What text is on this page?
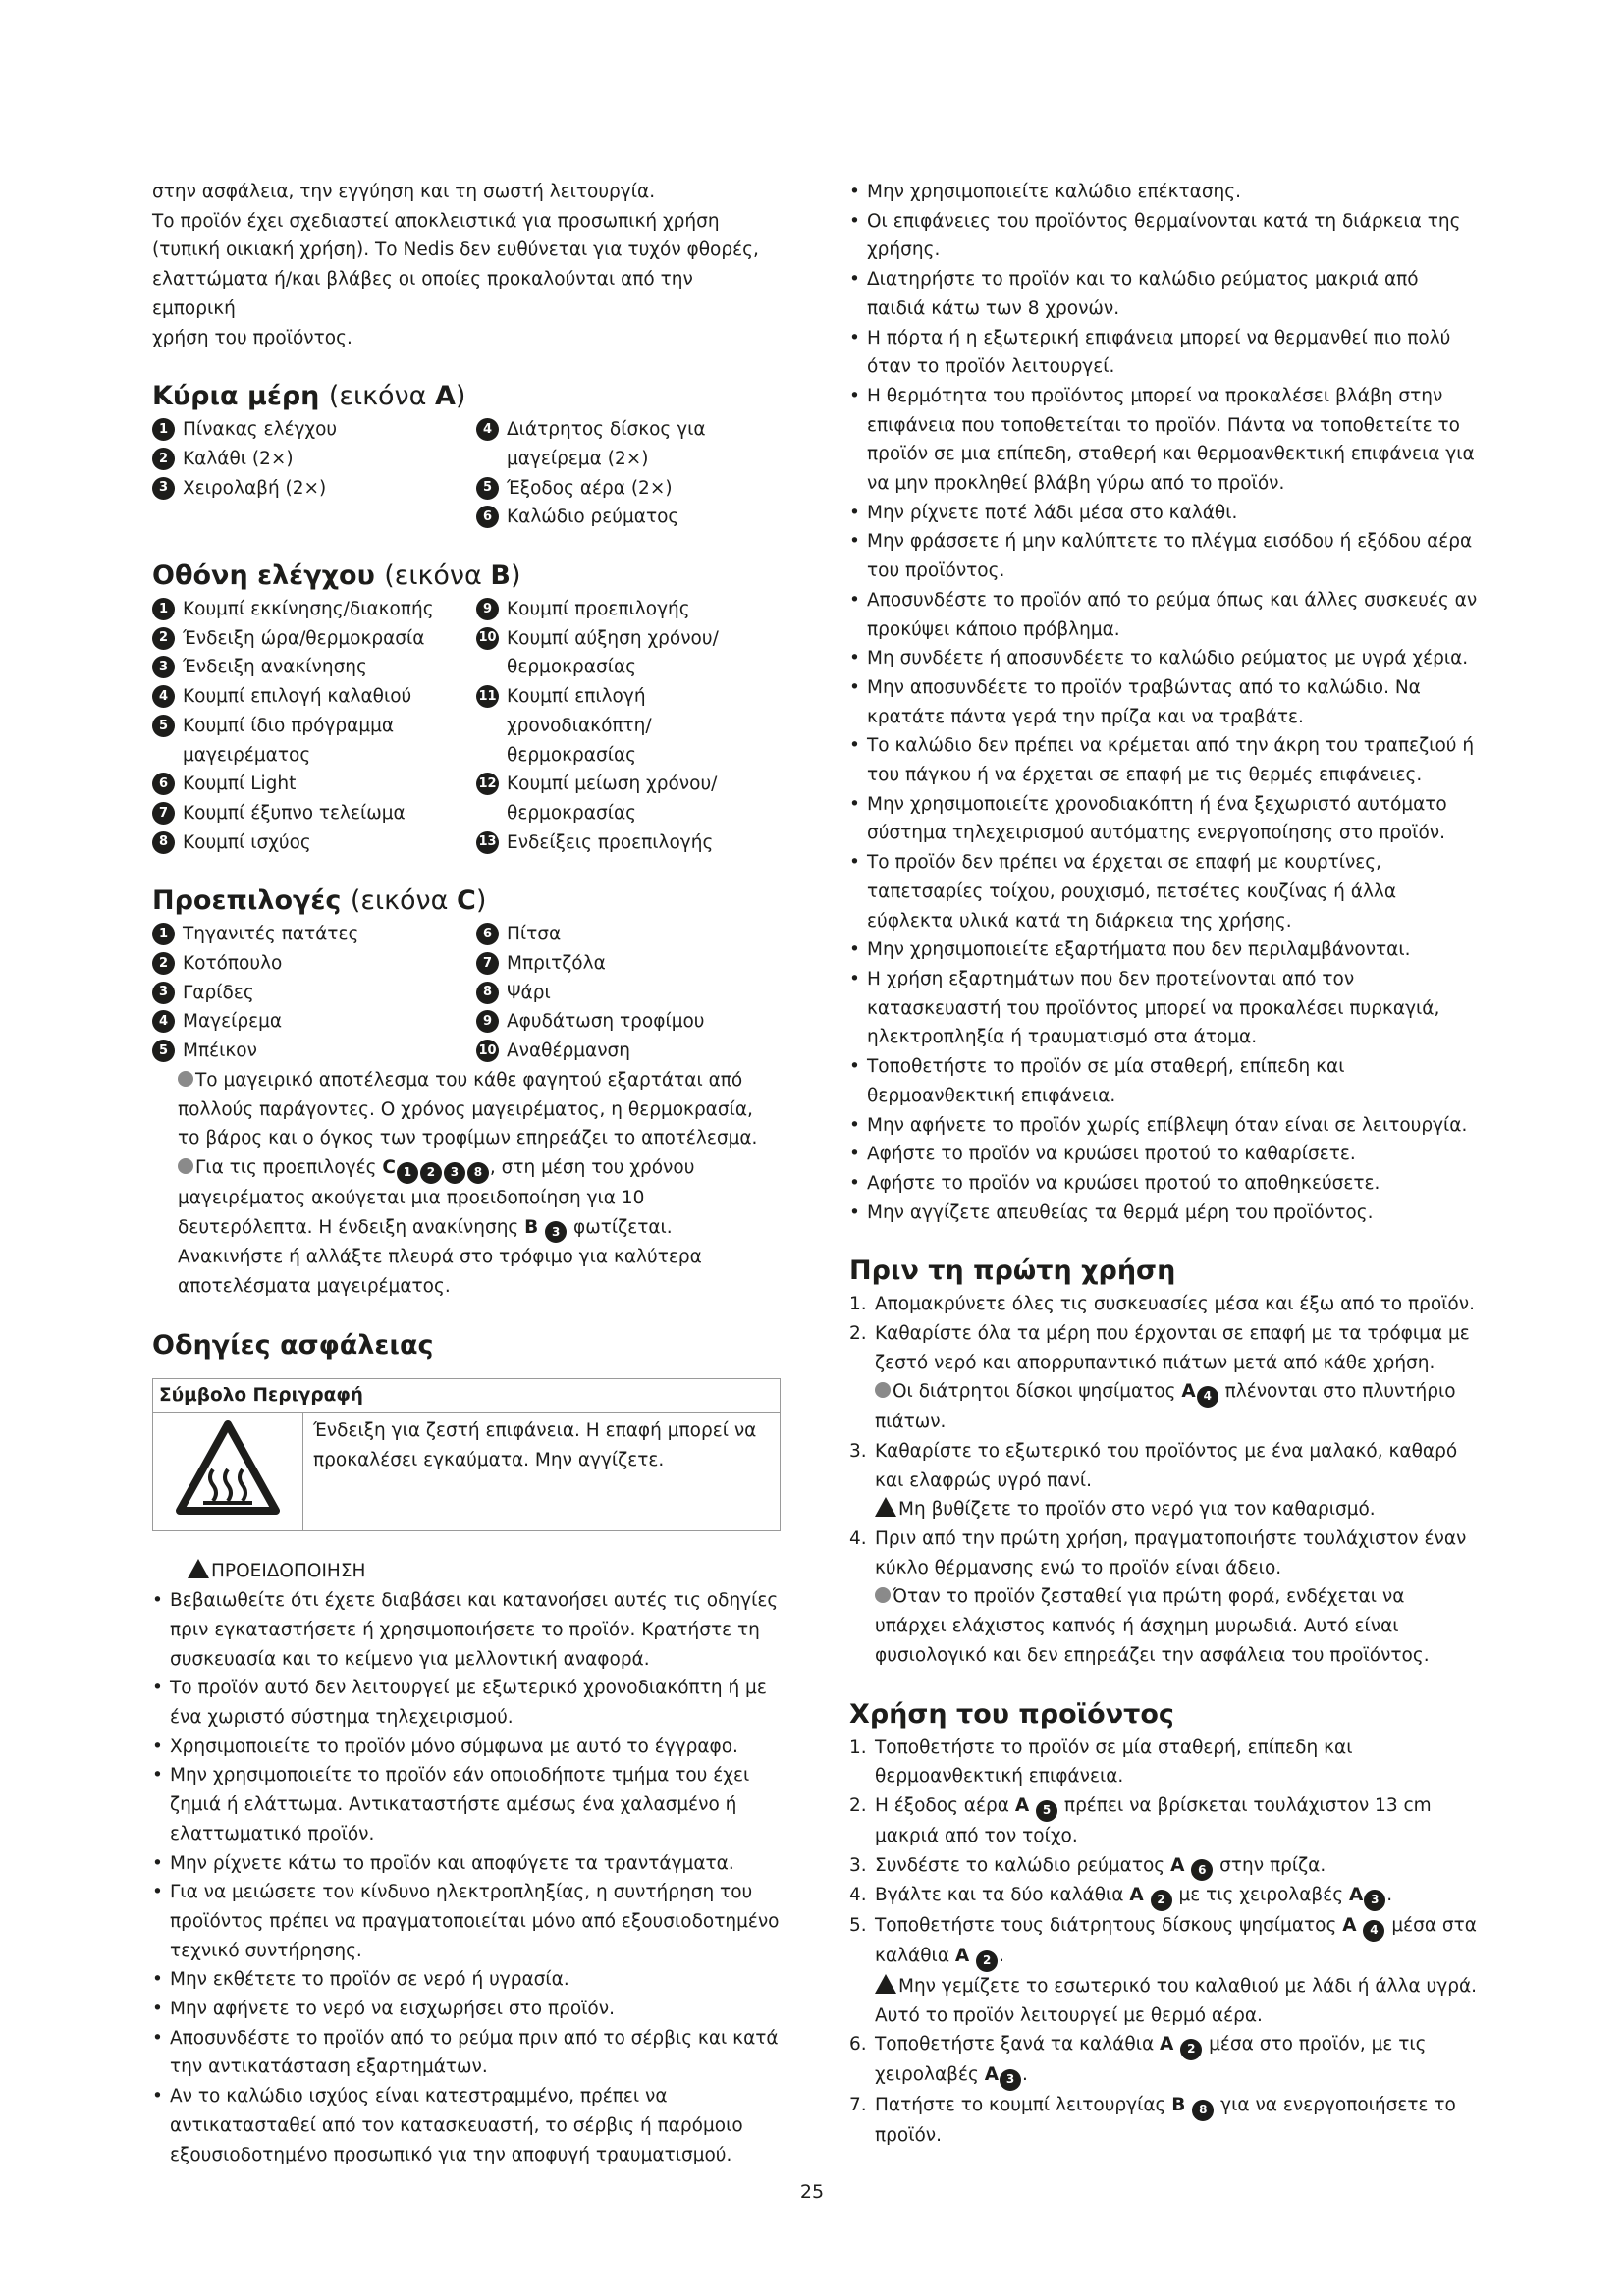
στην ασφάλεια, την εγγύηση και τη σωστή λειτουργία.

Το προϊόν έχει σχεδιαστεί αποκλειστικά για προσωπική χρήση

(τυπική οικιακή χρήση). Το Nedis δεν ευθύνεται για τυχόν φθορές,

ελαττώματα ή/και βλάβες οι οποίες προκαλούνται από την εμπορική

χρήση του προϊόντος.

Κύρια μέρη (εικόνα A)
1 Πίνακας ελέγχου
2 Καλάθι (2×)
3 Χειρολαβή (2×)
4 Διάτρητος δίσκος για μαγείρεμα (2×)
5 Έξοδος αέρα (2×)
6 Καλώδιο ρεύματος
Οθόνη ελέγχου (εικόνα B)
1 Κουμπί εκκίνησης/διακοπής
2 Ένδειξη ώρα/θερμοκρασία
3 Ένδειξη ανακίνησης
4 Κουμπί επιλογή καλαθιού
5 Κουμπί ίδιο πρόγραμμα μαγειρέματος
6 Κουμπί Light
7 Κουμπί έξυπνο τελείωμα
8 Κουμπί ισχύος
9 Κουμπί προεπιλογής
10 Κουμπί αύξηση χρόνου/ θερμοκρασίας
11 Κουμπί επιλογή χρονοδιακόπτη/ θερμοκρασίας
12 Κουμπί μείωση χρόνου/ θερμοκρασίας
13 Ενδείξεις προεπιλογής
Προεπιλογές (εικόνα C)
1 Τηγανιτές πατάτες
2 Κοτόπουλο
3 Γαρίδες
4 Μαγείρεμα
5 Μπέικον
6 Πίτσα
7 Μπριτζόλα
8 Ψάρι
9 Αφυδάτωση τροφίμου
10 Αναθέρμανση

Το μαγειρικό αποτέλεσμα του κάθε φαγητού εξαρτάται από πολλούς παράγοντες. Ο χρόνος μαγειρέματος, η θερμοκρασία, το βάρος και ο όγκος των τροφίμων επηρεάζει το αποτέλεσμα.

Για τις προεπιλογές C 1 2 3 8 , στη μέση του χρόνου μαγειρέματος ακούγεται μια προειδοποίηση για 10 δευτερόλεπτα. Η ένδειξη ανακίνησης B 3 φωτίζεται. Ανακινήστε ή αλλάξτε πλευρά στο τρόφιμο για καλύτερα αποτελέσματα μαγειρέματος.

Οδηγίες ασφάλειας
Σύμβολο Περιγραφή
	Ένδειξη για ζεστή επιφάνεια. Η επαφή μπορεί να προκαλέσει εγκαύματα. Μην αγγίζετε.
ΠΡΟΕΙΔΟΠΟΙΗΣΗ
• Βεβαιωθείτε ότι έχετε διαβάσει και κατανοήσει αυτές τις οδηγίες πριν εγκαταστήσετε ή χρησιμοποιήσετε το προϊόν. Κρατήστε τη συσκευασία και το κείμενο για μελλοντική αναφορά.
• Το προϊόν αυτό δεν λειτουργεί με εξωτερικό χρονοδιακόπτη ή με ένα χωριστό σύστημα τηλεχειρισμού.
• Χρησιμοποιείτε το προϊόν μόνο σύμφωνα με αυτό το έγγραφο.
• Μην χρησιμοποιείτε το προϊόν εάν οποιοδήποτε τμήμα του έχει ζημιά ή ελάττωμα. Αντικαταστήστε αμέσως ένα χαλασμένο ή ελαττωματικό προϊόν.
• Μην ρίχνετε κάτω το προϊόν και αποφύγετε τα τραντάγματα.
• Για να μειώσετε τον κίνδυνο ηλεκτροπληξίας, η συντήρηση του προϊόντος πρέπει να πραγματοποιείται μόνο από εξουσιοδοτημένο τεχνικό συντήρησης.
• Μην εκθέτετε το προϊόν σε νερό ή υγρασία.
• Μην αφήνετε το νερό να εισχωρήσει στο προϊόν.
• Αποσυνδέστε το προϊόν από το ρεύμα πριν από το σέρβις και κατά την αντικατάσταση εξαρτημάτων.
• Αν το καλώδιο ισχύος είναι κατεστραμμένο, πρέπει να αντικατασταθεί από τον κατασκευαστή, το σέρβις ή παρόμοιο εξουσιοδοτημένο προσωπικό για την αποφυγή τραυματισμού.
• Μην χρησιμοποιείτε καλώδιο επέκτασης.
• Οι επιφάνειες του προϊόντος θερμαίνονται κατά τη διάρκεια της χρήσης.
• Διατηρήστε το προϊόν και το καλώδιο ρεύματος μακριά από παιδιά κάτω των 8 χρονών.
• Η πόρτα ή η εξωτερική επιφάνεια μπορεί να θερμανθεί πιο πολύ όταν το προϊόν λειτουργεί.
• Η θερμότητα του προϊόντος μπορεί να προκαλέσει βλάβη στην επιφάνεια που τοποθετείται το προϊόν. Πάντα να τοποθετείτε το προϊόν σε μια επίπεδη, σταθερή και θερμοανθεκτική επιφάνεια για να μην προκληθεί βλάβη γύρω από το προϊόν.
• Μην ρίχνετε ποτέ λάδι μέσα στο καλάθι.
• Μην φράσσετε ή μην καλύπτετε το πλέγμα εισόδου ή εξόδου αέρα του προϊόντος.
• Αποσυνδέστε το προϊόν από το ρεύμα όπως και άλλες συσκευές αν προκύψει κάποιο πρόβλημα.
• Μη συνδέετε ή αποσυνδέετε το καλώδιο ρεύματος με υγρά χέρια.
• Μην αποσυνδέετε το προϊόν τραβώντας από το καλώδιο. Να κρατάτε πάντα γερά την πρίζα και να τραβάτε.
• Το καλώδιο δεν πρέπει να κρέμεται από την άκρη του τραπεζιού ή του πάγκου ή να έρχεται σε επαφή με τις θερμές επιφάνειες.
• Μην χρησιμοποιείτε χρονοδιακόπτη ή ένα ξεχωριστό αυτόματο σύστημα τηλεχειρισμού αυτόματης ενεργοποίησης στο προϊόν.
• Το προϊόν δεν πρέπει να έρχεται σε επαφή με κουρτίνες, ταπετσαρίες τοίχου, ρουχισμό, πετσέτες κουζίνας ή άλλα εύφλεκτα υλικά κατά τη διάρκεια της χρήσης.
• Μην χρησιμοποιείτε εξαρτήματα που δεν περιλαμβάνονται.
• Η χρήση εξαρτημάτων που δεν προτείνονται από τον κατασκευαστή του προϊόντος μπορεί να προκαλέσει πυρκαγιά, ηλεκτροπληξία ή τραυματισμό στα άτομα.
• Τοποθετήστε το προϊόν σε μία σταθερή, επίπεδη και θερμοανθεκτική επιφάνεια.
• Μην αφήνετε το προϊόν χωρίς επίβλεψη όταν είναι σε λειτουργία.
• Αφήστε το προϊόν να κρυώσει προτού το καθαρίσετε.
• Αφήστε το προϊόν να κρυώσει προτού το αποθηκεύσετε.
• Μην αγγίζετε απευθείας τα θερμά μέρη του προϊόντος.
Πριν τη πρώτη χρήση
1. Απομακρύνετε όλες τις συσκευασίες μέσα και έξω από το προϊόν.
2. Καθαρίστε όλα τα μέρη που έρχονται σε επαφή με τα τρόφιμα με ζεστό νερό και απορρυπαντικό πιάτων μετά από κάθε χρήση.
Οι διάτρητοι δίσκοι ψησίματος A 4 πλένονται στο πλυντήριο πιάτων.
3. Καθαρίστε το εξωτερικό του προϊόντος με ένα μαλακό, καθαρό και ελαφρώς υγρό πανί.
Μη βυθίζετε το προϊόν στο νερό για τον καθαρισμό.
4. Πριν από την πρώτη χρήση, πραγματοποιήστε τουλάχιστον έναν κύκλο θέρμανσης ενώ το προϊόν είναι άδειο.
Όταν το προϊόν ζεσταθεί για πρώτη φορά, ενδέχεται να υπάρχει ελάχιστος καπνός ή άσχημη μυρωδιά. Αυτό είναι φυσιολογικό και δεν επηρεάζει την ασφάλεια του προϊόντος.
Χρήση του προϊόντος
1. Τοποθετήστε το προϊόν σε μία σταθερή, επίπεδη και θερμοανθεκτική επιφάνεια.
2. Η έξοδος αέρα A 5 πρέπει να βρίσκεται τουλάχιστον 13 cm μακριά από τον τοίχο.
3. Συνδέστε το καλώδιο ρεύματος A 6 στην πρίζα.
4. Βγάλτε και τα δύο καλάθια A 2 με τις χειρολαβές A 3 .
5. Τοποθετήστε τους διάτρητους δίσκους ψησίματος A 4 μέσα στα καλάθια A 2 .
Μην γεμίζετε το εσωτερικό του καλαθιού με λάδι ή άλλα υγρά. Αυτό το προϊόν λειτουργεί με θερμό αέρα.
6. Τοποθετήστε ξανά τα καλάθια A 2 μέσα στο προϊόν, με τις χειρολαβές A 3 .
7. Πατήστε το κουμπί λειτουργίας B 8 για να ενεργοποιήσετε το προϊόν.
25
